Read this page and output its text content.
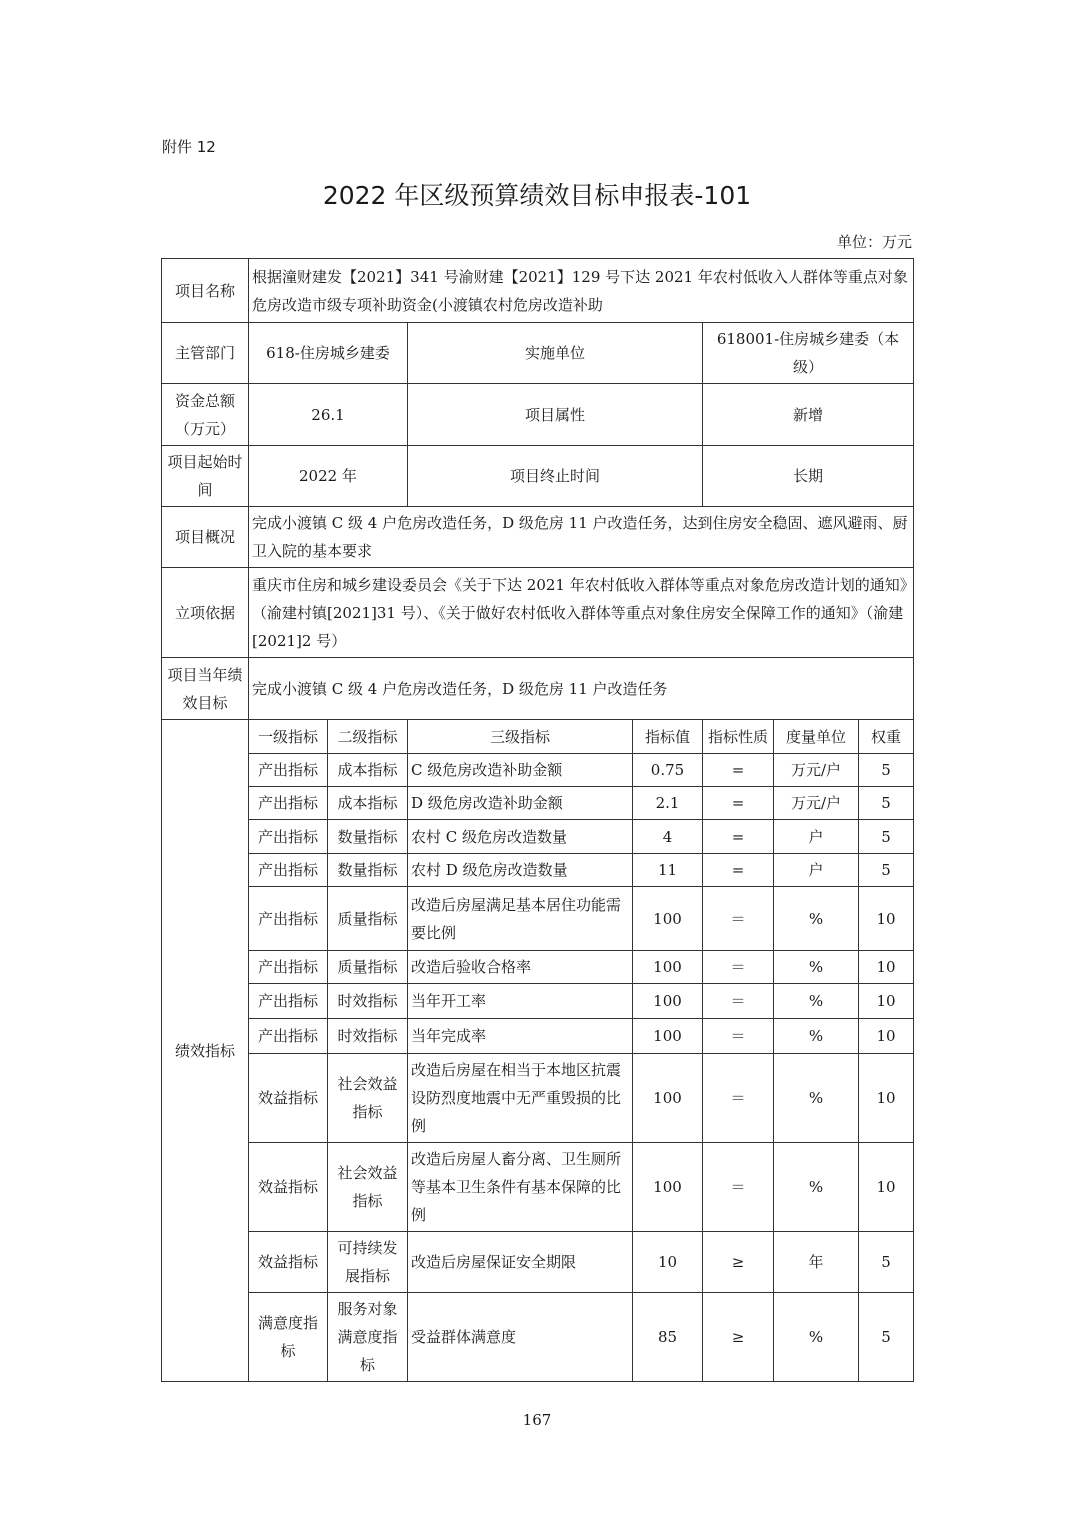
附件 12
2022 年区级预算绩效目标申报表-101
单位：万元
项目名称	根据潼财建发【2021】341 号渝财建【2021】129 号下达 2021 年农村低收入人群体等重点对象危房改造市级专项补助资金(小渡镇农村危房改造补助						
主管部门	618-住房城乡建委		实施单位		618001-住房城乡建委（本级）		
资金总额（万元）	26.1		项目属性		新增		
项目起始时间	2022 年		项目终止时间		长期		
项目概况	完成小渡镇 C 级 4 户危房改造任务，D 级危房 11 户改造任务，达到住房安全稳固、遮风避雨、厨卫入院的基本要求						
立项依据	重庆市住房和城乡建设委员会《关于下达 2021 年农村低收入群体等重点对象危房改造计划的通知》（渝建村镇[2021]31 号）、《关于做好农村低收入群体等重点对象住房安全保障工作的通知》（渝建[2021]2 号）						
项目当年绩效目标	完成小渡镇 C 级 4 户危房改造任务，D 级危房 11 户改造任务						
绩效指标	一级指标	二级指标	三级指标	指标值	指标性质	度量单位	权重
	产出指标	成本指标	C 级危房改造补助金额	0.75	=	万元/户	5
	产出指标	成本指标	D 级危房改造补助金额	2.1	=	万元/户	5
	产出指标	数量指标	农村 C 级危房改造数量	4	=	户	5
	产出指标	数量指标	农村 D 级危房改造数量	11	=	户	5
	产出指标	质量指标	改造后房屋满足基本居住功能需要比例	100	＝	%	10
	产出指标	质量指标	改造后验收合格率	100	＝	%	10
	产出指标	时效指标	当年开工率	100	＝	%	10
	产出指标	时效指标	当年完成率	100	＝	%	10
	效益指标	社会效益指标	改造后房屋在相当于本地区抗震设防烈度地震中无严重毁损的比例	100	＝	%	10
	效益指标	社会效益指标	改造后房屋人畜分离、卫生厕所等基本卫生条件有基本保障的比例	100	＝	%	10
	效益指标	可持续发展指标	改造后房屋保证安全期限	10	≥	年	5
	满意度指标	服务对象满意度指标	受益群体满意度	85	≥	%	5
167
